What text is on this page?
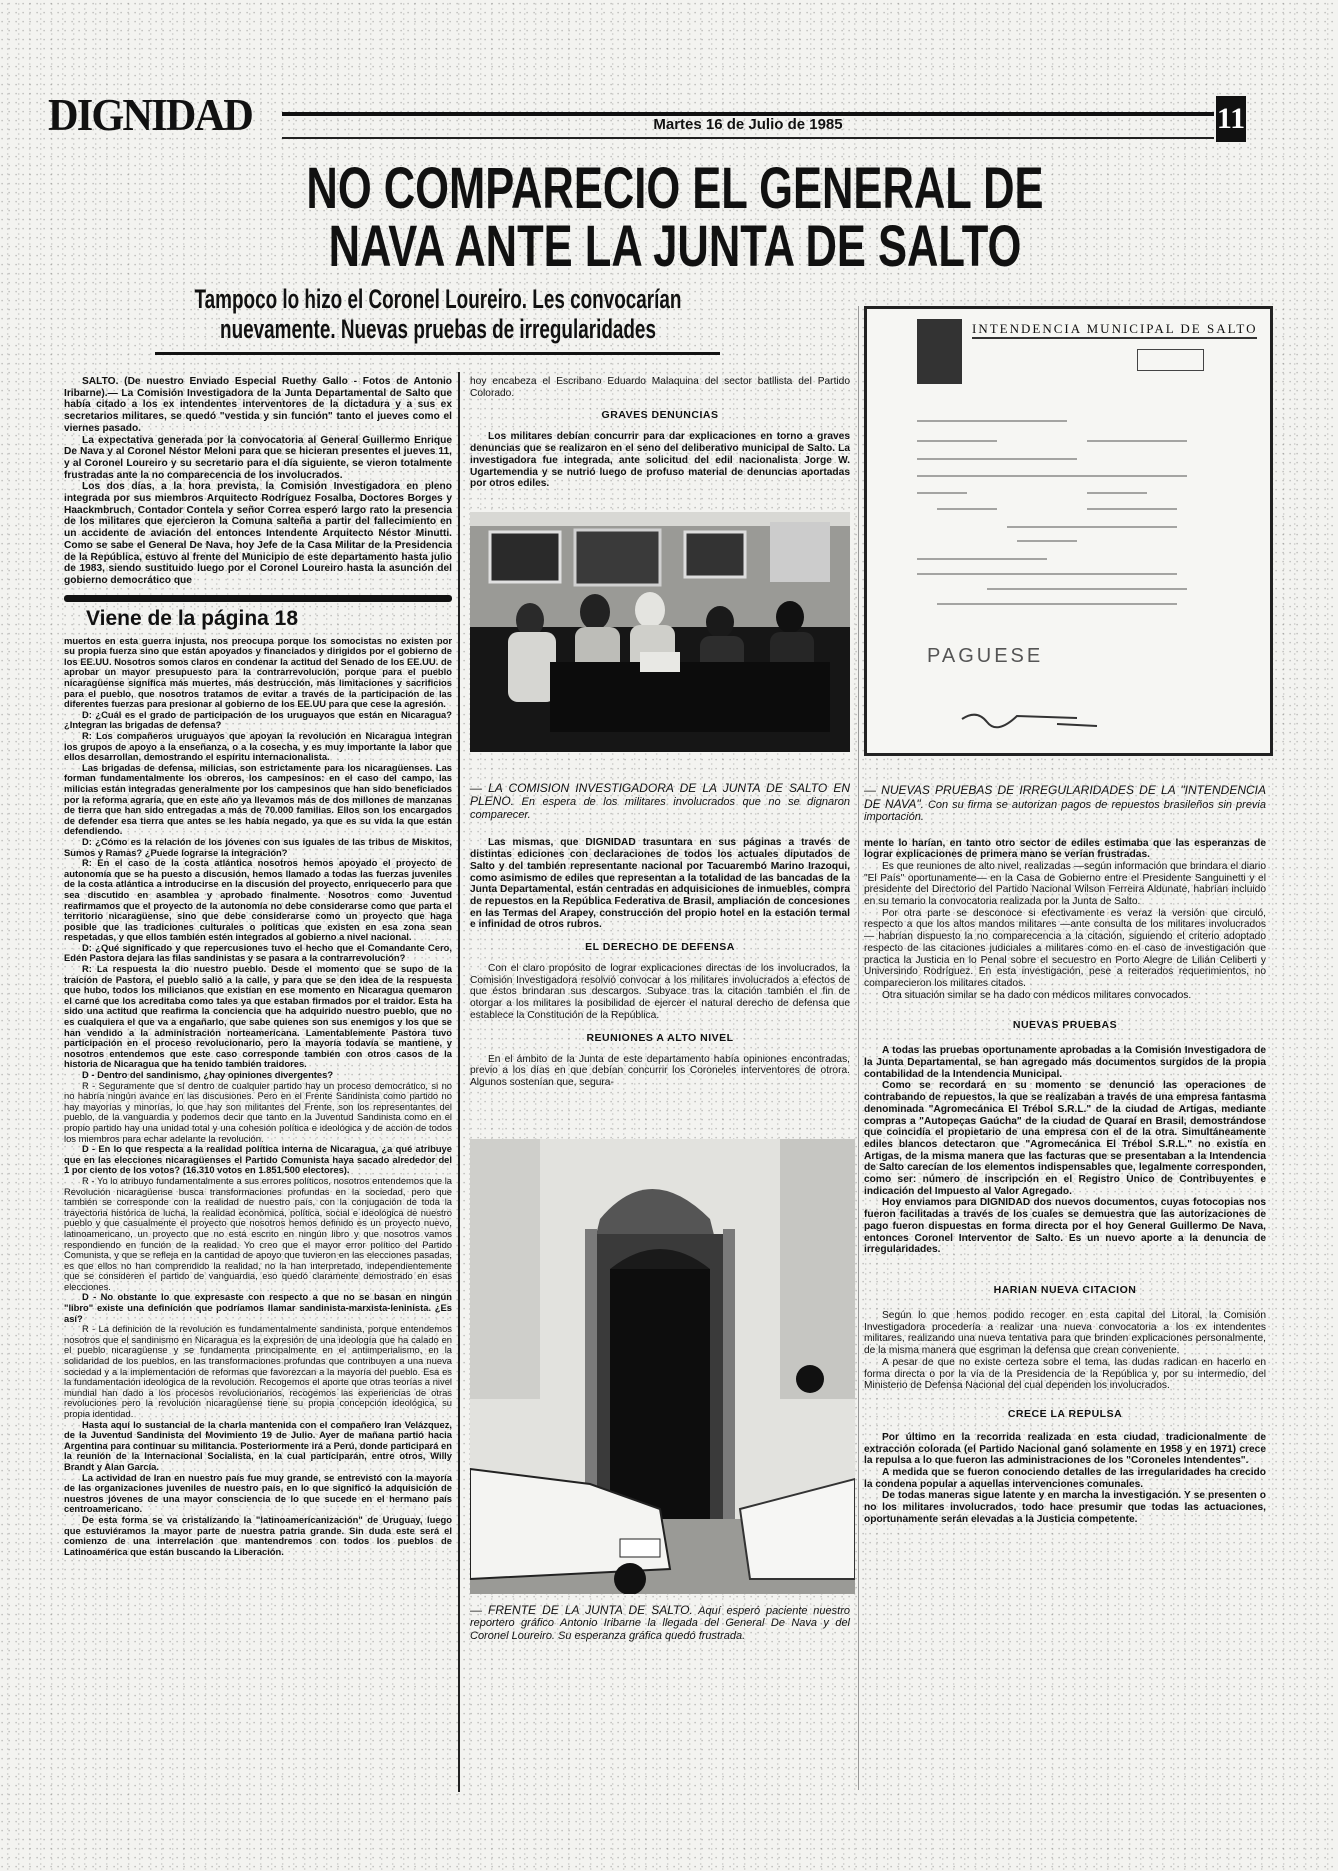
DIGNIDAD	Martes 16 de Julio de 1985	11
NO COMPARECIO EL GENERAL DE
NAVA ANTE LA JUNTA DE SALTO
Tampoco lo hizo el Coronel Loureiro. Les convocarían nuevamente. Nuevas pruebas de irregularidades

SALTO. (De nuestro Enviado Especial Ruethy Gallo - Fotos de Antonio Iribarne).— La Comisión Investigadora de la Junta Departamental de Salto que había citado a los ex intendentes interventores de la dictadura y a sus ex secretarios militares, se quedó "vestida y sin función" tanto el jueves como el viernes pasado.

La expectativa generada por la convocatoria al General Guillermo Enrique De Nava y al Coronel Néstor Meloni para que se hicieran presentes el jueves 11, y al Coronel Loureiro y su secretario para el día siguiente, se vieron totalmente frustradas ante la no comparecencia de los involucrados.

Los dos días, a la hora prevista, la Comisión Investigadora en pleno integrada por sus miembros Arquitecto Rodríguez Fosalba, Doctores Borges y Haackmbruch, Contador Contela y señor Correa esperó largo rato la presencia de los militares que ejercieron la Comuna salteña a partir del fallecimiento en un accidente de aviación del entonces Intendente Arquitecto Néstor Minutti. Como se sabe el General De Nava, hoy Jefe de la Casa Militar de la Presidencia de la República, estuvo al frente del Municipio de este departamento hasta julio de 1983, siendo sustituido luego por el Coronel Loureiro hasta la asunción del gobierno democrático que

Viene de la página 18

muertos en esta guerra injusta, nos preocupa porque los somocistas no existen por su propia fuerza sino que están apoyados y financiados y dirigidos por el gobierno de los EE.UU. Nosotros somos claros en condenar la actitud del Senado de los EE.UU. de aprobar un mayor presupuesto para la contrarrevolución, porque para el pueblo nicaragüense significa más muertes, más destrucción, más limitaciones y sacrificios para el pueblo, que nosotros tratamos de evitar a través de la participación de las diferentes fuerzas para presionar al gobierno de los EE.UU para que cese la agresión.

D: ¿Cuál es el grado de participación de los uruguayos que están en Nicaragua? ¿Integran las brigadas de defensa?

R: Los compañeros uruguayos que apoyan la revolución en Nicaragua integran los grupos de apoyo a la enseñanza, o a la cosecha, y es muy importante la labor que ellos desarrollan, demostrando el espíritu internacionalista.

Las brigadas de defensa, milicias, son estrictamente para los nicaragüenses. Las forman fundamentalmente los obreros, los campesinos: en el caso del campo, las milicias están integradas generalmente por los campesinos que han sido beneficiados por la reforma agraria, que en este año ya llevamos más de dos millones de manzanas de tierra que han sido entregadas a más de 70.000 familias. Ellos son los encargados de defender esa tierra que antes se les había negado, ya que es su vida la que están defendiendo.

D: ¿Cómo es la relación de los jóvenes con sus iguales de las tribus de Miskitos, Sumos y Ramas? ¿Puede lograrse la integración?

R: En el caso de la costa atlántica nosotros hemos apoyado el proyecto de autonomía que se ha puesto a discusión, hemos llamado a todas las fuerzas juveniles de la costa atlántica a introducirse en la discusión del proyecto, enriquecerlo para que sea discutido en asamblea y aprobado finalmente. Nosotros como Juventud reafirmamos que el proyecto de la autonomía no debe considerarse como que parta el territorio nicaragüense, sino que debe considerarse como un proyecto que haga posible que las tradiciones culturales o políticas que existen en esa zona sean respetadas, y que ellos también estén integrados al gobierno a nivel nacional.

D: ¿Qué significado y que repercusiones tuvo el hecho que el Comandante Cero, Edén Pastora dejara las filas sandinistas y se pasara a la contrarrevolución?

R: La respuesta la dio nuestro pueblo. Desde el momento que se supo de la traición de Pastora, el pueblo salió a la calle, y para que se den idea de la respuesta que hubo, todos los milicianos que existían en ese momento en Nicaragua quemaron el carné que los acreditaba como tales ya que estaban firmados por el traidor. Esta ha sido una actitud que reafirma la conciencia que ha adquirido nuestro pueblo, que no es cualquiera el que va a engañarlo, que sabe quienes son sus enemigos y los que se han vendido a la administración norteamericana. Lamentablemente Pastora tuvo participación en el proceso revolucionario, pero la mayoría todavía se mantiene, y nosotros entendemos que este caso corresponde también con otros casos de la historia de Nicaragua que ha tenido también traidores.

D - Dentro del sandinismo, ¿hay opiniones divergentes?

R - Seguramente que sí dentro de cualquier partido hay un proceso democrático, si no no habría ningún avance en las discusiones. Pero en el Frente Sandinista como partido no hay mayorías y minorías, lo que hay son militantes del Frente, son los representantes del pueblo, de la vanguardia y podemos decir que tanto en la Juventud Sandinista como en el propio partido hay una unidad total y una cohesión política e ideológica y de acción de todos los miembros para echar adelante la revolución.

D - En lo que respecta a la realidad política interna de Nicaragua, ¿a qué atribuye que en las elecciones nicaragüenses el Partido Comunista haya sacado alrededor del 1 por ciento de los votos? (16.310 votos en 1.851.500 electores).

R - Yo lo atribuyo fundamentalmente a sus errores políticos, nosotros entendemos que la Revolución nicaragüense busca transformaciones profundas en la sociedad, pero que también se corresponde con la realidad de nuestro país, con la conjugación de toda la trayectoria histórica de lucha, la realidad económica, política, social e ideológica de nuestro pueblo y que casualmente el proyecto que nosotros hemos definido es un proyecto nuevo, latinoamericano, un proyecto que no está escrito en ningún libro y que nosotros vamos respondiendo en función de la realidad. Yo creo que el mayor error político del Partido Comunista, y que se refleja en la cantidad de apoyo que tuvieron en las elecciones pasadas, es que ellos no han comprendido la realidad, no la han interpretado, independientemente que se consideren el partido de vanguardia, eso quedó claramente demostrado en esas elecciones.

D - No obstante lo que expresaste con respecto a que no se basan en ningún "libro" existe una definición que podríamos llamar sandinista-marxista-leninista. ¿Es así?

R - La definición de la revolución es fundamentalmente sandinista, porque entendemos nosotros que el sandinismo en Nicaragua es la expresión de una ideología que ha calado en el pueblo nicaragüense y se fundamenta principalmente en el antiimperialismo, en la solidaridad de los pueblos, en las transformaciones profundas que contribuyen a una nueva sociedad y a la implementación de reformas que favorezcan a la mayoría del pueblo. Esa es la fundamentación ideológica de la revolución. Recogemos el aporte que otras teorías a nivel mundial han dado a los procesos revolucionarios, recogemos las experiencias de otras revoluciones pero la revolución nicaragüense tiene su propia concepción ideológica, su propia identidad.

Hasta aquí lo sustancial de la charla mantenida con el compañero Iran Velázquez, de la Juventud Sandinista del Movimiento 19 de Julio. Ayer de mañana partió hacia Argentina para continuar su militancia. Posteriormente irá a Perú, donde participará en la reunión de la Internacional Socialista, en la cual participarán, entre otros, Willy Brandt y Alan García.

La actividad de Iran en nuestro país fue muy grande, se entrevistó con la mayoría de las organizaciones juveniles de nuestro país, en lo que significó la adquisición de nuestros jóvenes de una mayor consciencia de lo que sucede en el hermano país centroamericano.

De esta forma se va cristalizando la "latinoamericanización" de Uruguay, luego que estuviéramos la mayor parte de nuestra patria grande. Sin duda este será el comienzo de una interrelación que mantendremos con todos los pueblos de Latinoamérica que están buscando la Liberación.

hoy encabeza el Escribano Eduardo Malaquina del sector batllista del Partido Colorado.

GRAVES DENUNCIAS

Los militares debían concurrir para dar explicaciones en torno a graves denuncias que se realizaron en el seno del deliberativo municipal de Salto. La investigadora fue integrada, ante solicitud del edil nacionalista Jorge W. Ugartemendia y se nutrió luego de profuso material de denuncias aportadas por otros ediles.

— LA COMISION INVESTIGADORA DE LA JUNTA DE SALTO EN PLENO. En espera de los militares involucrados que no se dignaron comparecer.

Las mismas, que DIGNIDAD trasuntara en sus páginas a través de distintas ediciones con declaraciones de todos los actuales diputados de Salto y del también representante nacional por Tacuarembó Marino Irazoqui, como asimismo de ediles que representan a la totalidad de las bancadas de la Junta Departamental, están centradas en adquisiciones de inmuebles, compra de repuestos en la República Federativa de Brasil, ampliación de concesiones en las Termas del Arapey, construcción del propio hotel en la estación termal e infinidad de otros rubros.

EL DERECHO DE DEFENSA

Con el claro propósito de lograr explicaciones directas de los involucrados, la Comisión Investigadora resolvió convocar a los militares involucrados a efectos de que éstos brindaran sus descargos. Subyace tras la citación también el fin de otorgar a los militares la posibilidad de ejercer el natural derecho de defensa que establece la Constitución de la República.

REUNIONES A ALTO NIVEL

En el ámbito de la Junta de este departamento había opiniones encontradas, previo a los días en que debían concurrir los Coroneles interventores de otrora. Algunos sostenían que, segura-

— FRENTE DE LA JUNTA DE SALTO. Aquí esperó paciente nuestro reportero gráfico Antonio Iribarne la llegada del General De Nava y del Coronel Loureiro. Su esperanza gráfica quedó frustrada.
INTENDENCIA MUNICIPAL DE SALTO
PAGUESE
— NUEVAS PRUEBAS DE IRREGULARIDADES DE LA "INTENDENCIA DE NAVA". Con su firma se autorizan pagos de repuestos brasileños sin previa importación.

mente lo harían, en tanto otro sector de ediles estimaba que las esperanzas de lograr explicaciones de primera mano se verían frustradas.

Es que reuniones de alto nivel, realizadas —según información que brindara el diario "El País" oportunamente— en la Casa de Gobierno entre el Presidente Sanguinetti y el presidente del Directorio del Partido Nacional Wilson Ferreira Aldunate, habrían incluido en su temario la convocatoria realizada por la Junta de Salto.

Por otra parte se desconoce si efectivamente es veraz la versión que circuló, respecto a que los altos mandos militares —ante consulta de los militares involucrados— habrían dispuesto la no comparecencia a la citación, siguiendo el criterio adoptado respecto de las citaciones judiciales a militares como en el caso de investigación que practica la Justicia en lo Penal sobre el secuestro en Porto Alegre de Lilián Celiberti y Universindo Rodríguez. En esta investigación, pese a reiterados requerimientos, no comparecieron los militares citados.

Otra situación similar se ha dado con médicos militares convocados.

NUEVAS PRUEBAS

A todas las pruebas oportunamente aprobadas a la Comisión Investigadora de la Junta Departamental, se han agregado más documentos surgidos de la propia contabilidad de la Intendencia Municipal.

Como se recordará en su momento se denunció las operaciones de contrabando de repuestos, la que se realizaban a través de una empresa fantasma denominada "Agromecánica El Trébol S.R.L." de la ciudad de Artigas, mediante compras a "Autopeças Gaúcha" de la ciudad de Quaraí en Brasil, demostrándose que coincidía el propietario de una empresa con el de la otra. Simultáneamente ediles blancos detectaron que "Agromecánica El Trébol S.R.L." no existía en Artigas, de la misma manera que las facturas que se presentaban a la Intendencia de Salto carecían de los elementos indispensables que, legalmente corresponden, como ser: número de inscripción en el Registro Unico de Contribuyentes e indicación del Impuesto al Valor Agregado.

Hoy enviamos para DIGNIDAD dos nuevos documentos, cuyas fotocopias nos fueron facilitadas a través de los cuales se demuestra que las autorizaciones de pago fueron dispuestas en forma directa por el hoy General Guillermo De Nava, entonces Coronel Interventor de Salto. Es un nuevo aporte a la denuncia de irregularidades.

HARIAN NUEVA CITACION

Según lo que hemos podido recoger en esta capital del Litoral, la Comisión Investigadora procedería a realizar una nueva convocatoria a los ex intendentes militares, realizando una nueva tentativa para que brinden explicaciones personalmente, de la misma manera que esgriman la defensa que crean conveniente.

A pesar de que no existe certeza sobre el tema, las dudas radican en hacerlo en forma directa o por la vía de la Presidencia de la República y, por su intermedio, del Ministerio de Defensa Nacional del cual dependen los involucrados.

CRECE LA REPULSA

Por último en la recorrida realizada en esta ciudad, tradicionalmente de extracción colorada (el Partido Nacional ganó solamente en 1958 y en 1971) crece la repulsa a lo que fueron las administraciones de los "Coroneles Intendentes".

A medida que se fueron conociendo detalles de las irregularidades ha crecido la condena popular a aquellas intervenciones comunales.

De todas maneras sigue latente y en marcha la investigación. Y se presenten o no los militares involucrados, todo hace presumir que todas las actuaciones, oportunamente serán elevadas a la Justicia competente.
